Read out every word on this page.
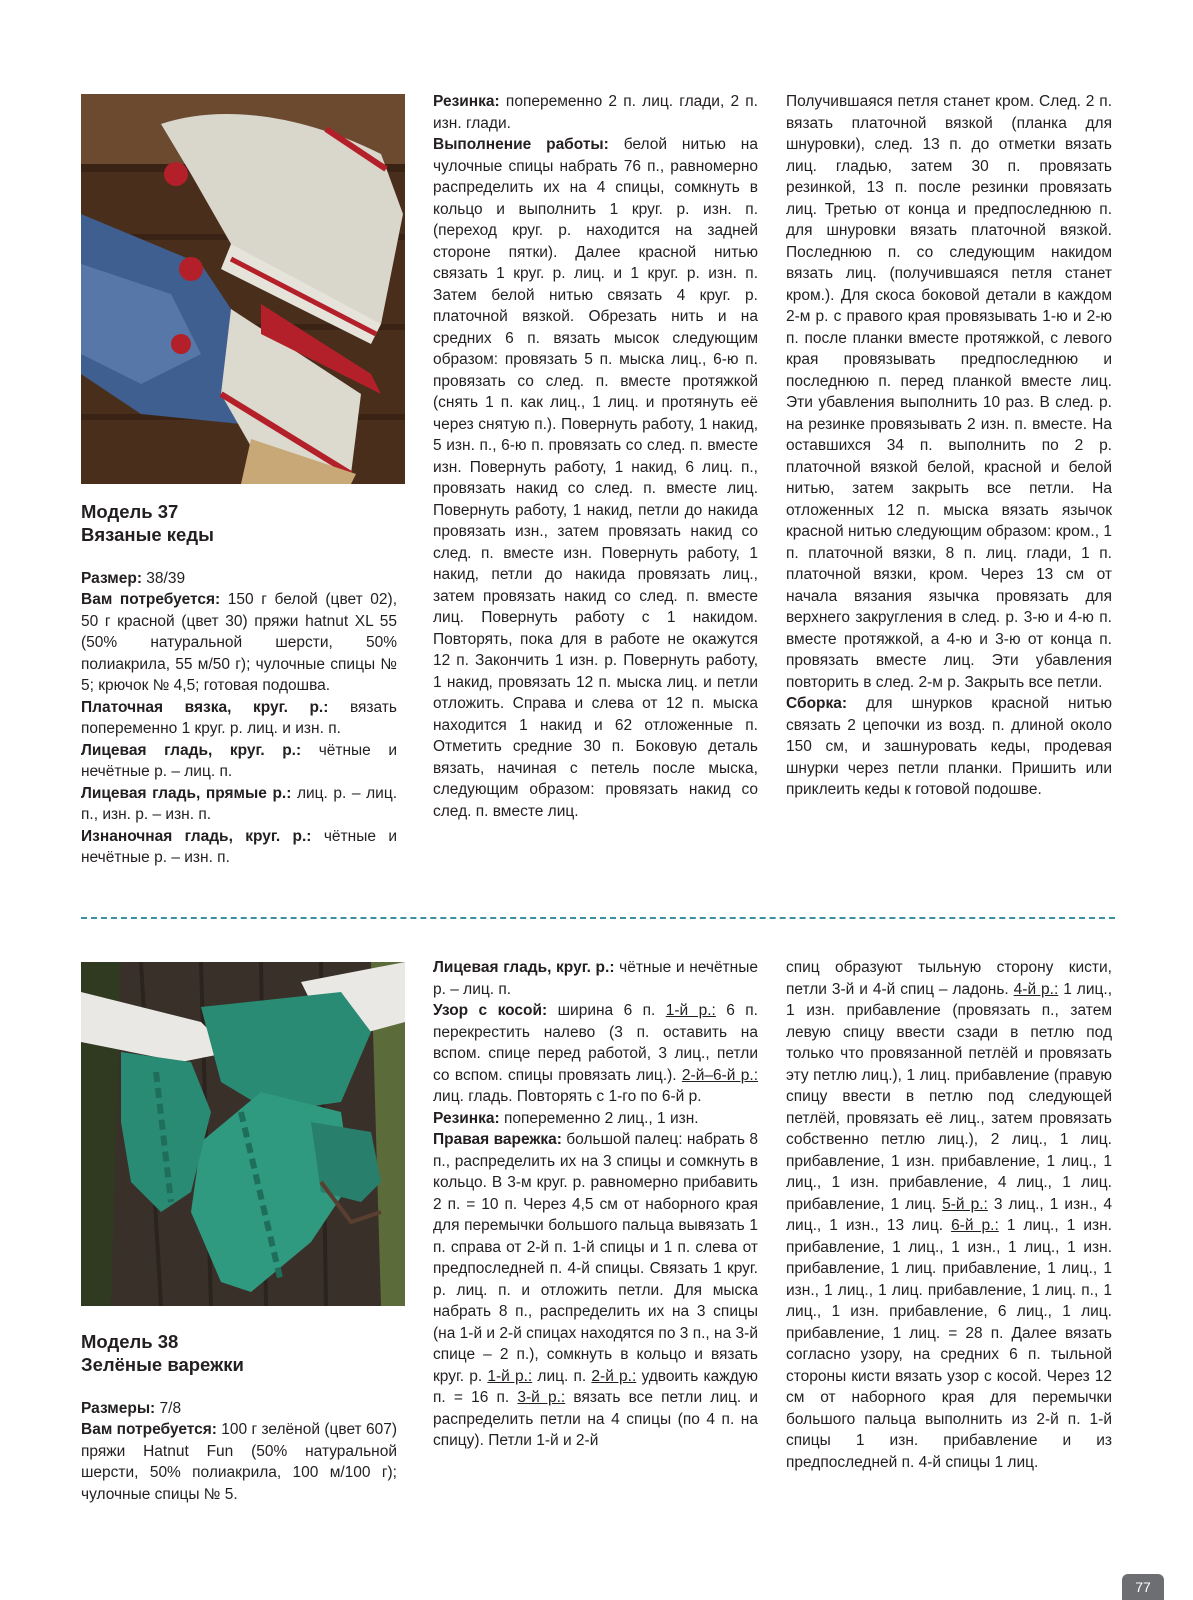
Модель 37

Вязаные кеды

Размер: 38/39

Вам потребуется: 150 г белой (цвет 02), 50 г красной (цвет 30) пряжи hatnut XL 55 (50% натуральной шерсти, 50% полиакрила, 55 м/50 г); чулочные спицы № 5; крючок № 4,5; готовая подошва.

Платочная вязка, круг. р.: вязать попеременно 1 круг. р. лиц. и изн. п.

Лицевая гладь, круг. р.: чётные и нечётные р. – лиц. п.

Лицевая гладь, прямые р.: лиц. р. – лиц. п., изн. р. – изн. п.

Изнаночная гладь, круг. р.: чётные и нечётные р. – изн. п.

Резинка: попеременно 2 п. лиц. глади, 2 п. изн. глади.

Выполнение работы: белой нитью на чулочные спицы набрать 76 п., равномерно распределить их на 4 спицы, сомкнуть в кольцо и выполнить 1 круг. р. изн. п. (переход круг. р. находится на задней стороне пятки). Далее красной нитью связать 1 круг. р. лиц. и 1 круг. р. изн. п. Затем белой нитью связать 4 круг. р. платочной вязкой. Обрезать нить и на средних 6 п. вязать мысок следующим образом: провязать 5 п. мыска лиц., 6-ю п. провязать со след. п. вместе протяжкой (снять 1 п. как лиц., 1 лиц. и протянуть её через снятую п.). Повернуть работу, 1 накид, 5 изн. п., 6-ю п. провязать со след. п. вместе изн. Повернуть работу, 1 накид, 6 лиц. п., провязать накид со след. п. вместе лиц. Повернуть работу, 1 накид, петли до накида провязать изн., затем провязать накид со след. п. вместе изн. Повернуть работу, 1 накид, петли до накида провязать лиц., затем провязать накид со след. п. вместе лиц. Повернуть работу с 1 накидом. Повторять, пока для в работе не окажутся 12 п. Закончить 1 изн. р. Повернуть работу, 1 накид, провязать 12 п. мыска лиц. и петли отложить. Справа и слева от 12 п. мыска находится 1 накид и 62 отложенные п. Отметить средние 30 п. Боковую деталь вязать, начиная с петель после мыска, следующим образом: провязать накид со след. п. вместе лиц.

Получившаяся петля станет кром. След. 2 п. вязать платочной вязкой (планка для шнуровки), след. 13 п. до отметки вязать лиц. гладью, затем 30 п. провязать резинкой, 13 п. после резинки провязать лиц. Третью от конца и предпоследнюю п. для шнуровки вязать платочной вязкой. Последнюю п. со следующим накидом вязать лиц. (получившаяся петля станет кром.). Для скоса боковой детали в каждом 2-м р. с правого края провязывать 1-ю и 2-ю п. после планки вместе протяжкой, с левого края провязывать предпоследнюю и последнюю п. перед планкой вместе лиц. Эти убавления выполнить 10 раз. В след. р. на резинке провязывать 2 изн. п. вместе. На оставшихся 34 п. выполнить по 2 р. платочной вязкой белой, красной и белой нитью, затем закрыть все петли. На отложенных 12 п. мыска вязать язычок красной нитью следующим образом: кром., 1 п. платочной вязки, 8 п. лиц. глади, 1 п. платочной вязки, кром. Через 13 см от начала вязания язычка провязать для верхнего закругления в след. р. 3-ю и 4-ю п. вместе протяжкой, а 4-ю и 3-ю от конца п. провязать вместе лиц. Эти убавления повторить в след. 2-м р. Закрыть все петли.

Сборка: для шнурков красной нитью связать 2 цепочки из возд. п. длиной около 150 см, и зашнуровать кеды, продевая шнурки через петли планки. Пришить или приклеить кеды к готовой подошве.

Модель 38

Зелёные варежки

Размеры: 7/8

Вам потребуется: 100 г зелёной (цвет 607) пряжи Hatnut Fun (50% натуральной шерсти, 50% полиакрила, 100 м/100 г); чулочные спицы № 5.

Лицевая гладь, круг. р.: чётные и нечётные р. – лиц. п.

Узор с косой: ширина 6 п. 1-й р.: 6 п. перекрестить налево (3 п. оставить на вспом. спице перед работой, 3 лиц., петли со вспом. спицы провязать лиц.). 2-й–6-й р.: лиц. гладь. Повторять с 1-го по 6-й р.

Резинка: попеременно 2 лиц., 1 изн.

Правая варежка: большой палец: набрать 8 п., распределить их на 3 спицы и сомкнуть в кольцо. В 3-м круг. р. равномерно прибавить 2 п. = 10 п. Через 4,5 см от наборного края для перемычки большого пальца вывязать 1 п. справа от 2-й п. 1-й спицы и 1 п. слева от предпоследней п. 4-й спицы. Связать 1 круг. р. лиц. п. и отложить петли. Для мыска набрать 8 п., распределить их на 3 спицы (на 1-й и 2-й спицах находятся по 3 п., на 3-й спице – 2 п.), сомкнуть в кольцо и вязать круг. р. 1-й р.: лиц. п. 2-й р.: удвоить каждую п. = 16 п. 3-й р.: вязать все петли лиц. и распределить петли на 4 спицы (по 4 п. на спицу). Петли 1-й и 2-й

спиц образуют тыльную сторону кисти, петли 3-й и 4-й спиц – ладонь. 4-й р.: 1 лиц., 1 изн. прибавление (провязать п., затем левую спицу ввести сзади в петлю под только что провязанной петлёй и провязать эту петлю лиц.), 1 лиц. прибавление (правую спицу ввести в петлю под следующей петлёй, провязать её лиц., затем провязать собственно петлю лиц.), 2 лиц., 1 лиц. прибавление, 1 изн. прибавление, 1 лиц., 1 лиц., 1 изн. прибавление, 4 лиц., 1 лиц. прибавление, 1 лиц. 5-й р.: 3 лиц., 1 изн., 4 лиц., 1 изн., 13 лиц. 6-й р.: 1 лиц., 1 изн. прибавление, 1 лиц., 1 изн., 1 лиц., 1 изн. прибавление, 1 лиц. прибавление, 1 лиц., 1 изн., 1 лиц., 1 лиц. прибавление, 1 лиц. п., 1 лиц., 1 изн. прибавление, 6 лиц., 1 лиц. прибавление, 1 лиц. = 28 п. Далее вязать согласно узору, на средних 6 п. тыльной стороны кисти вязать узор с косой. Через 12 см от наборного края для перемычки большого пальца выполнить из 2-й п. 1-й спицы 1 изн. прибавление и из предпоследней п. 4-й спицы 1 лиц.

77
